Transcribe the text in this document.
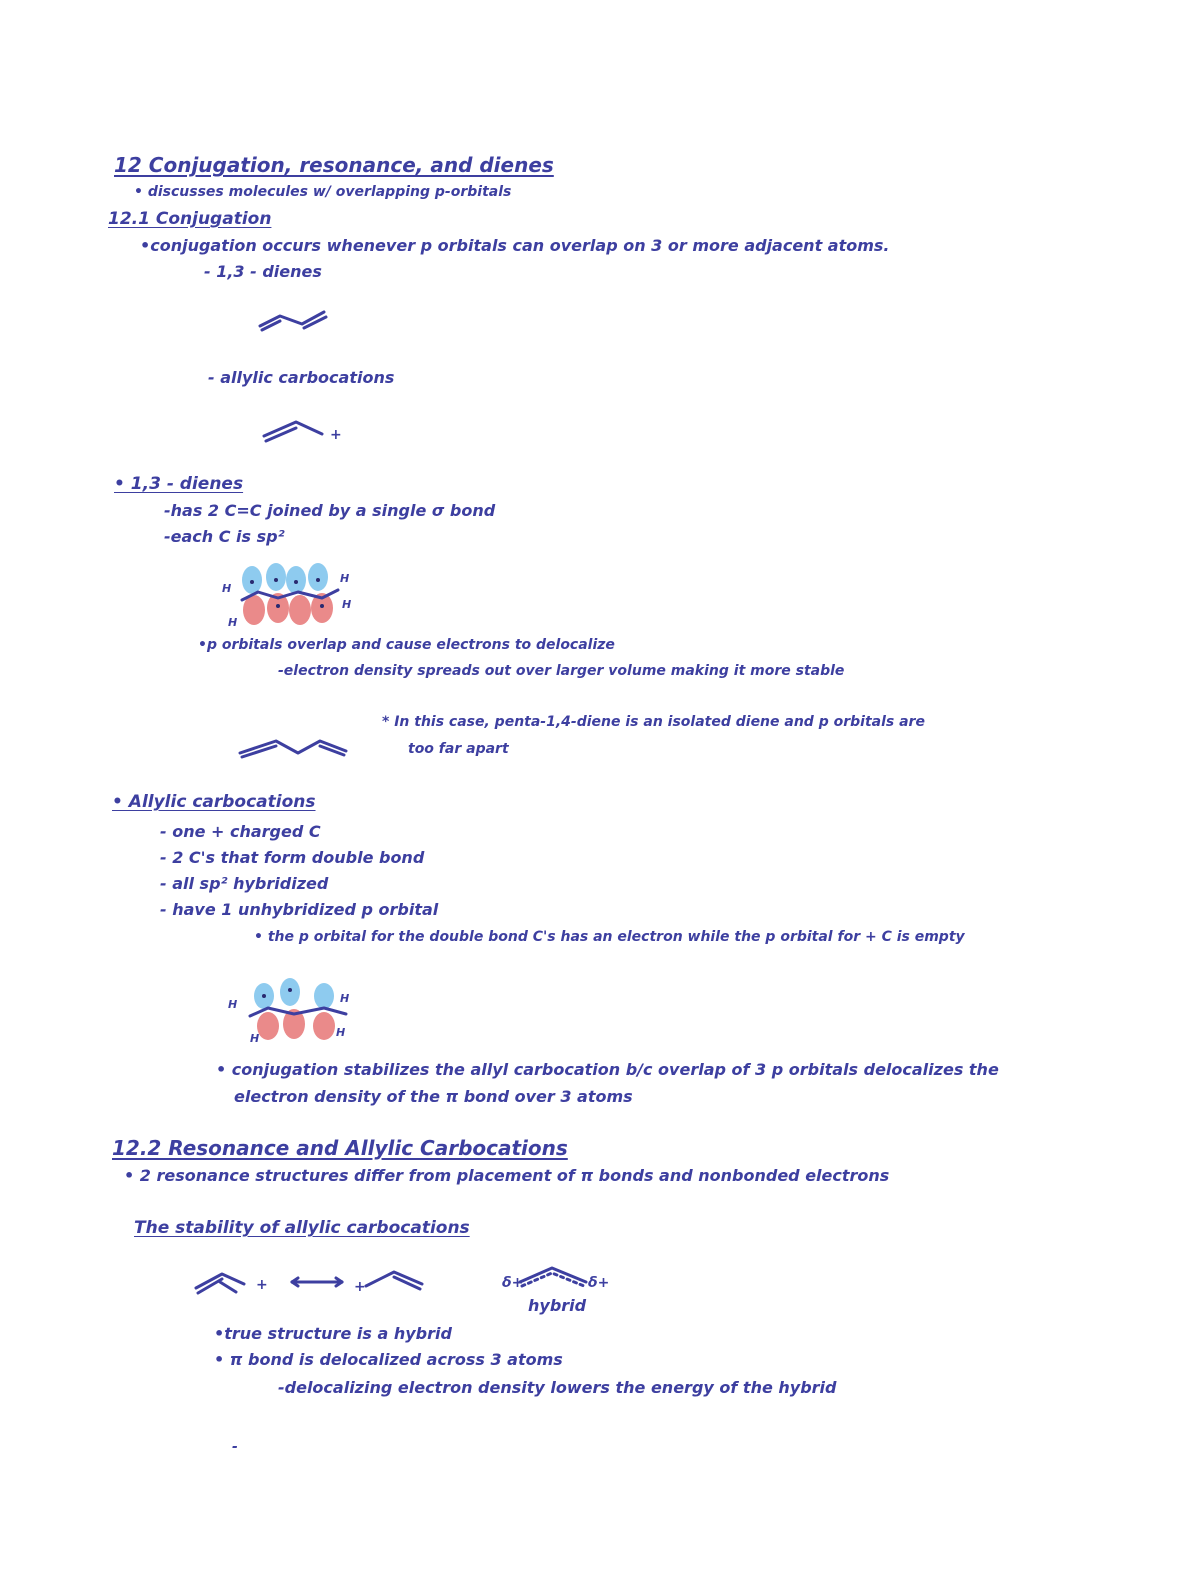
12 Conjugation, resonance, and dienes
• discusses molecules w/ overlapping p-orbitals
12.1 Conjugation
•conjugation occurs whenever p orbitals can overlap on 3 or more adjacent atoms.
- 1,3 - dienes
- allylic carbocations
+
• 1,3 - dienes
-has 2 C=C joined by a single σ bond
-each C is sp²
H
H
H
H
•p orbitals overlap and cause electrons to delocalize
-electron density spreads out over larger volume making it more stable
* In this case, penta-1,4-diene is an isolated diene and p orbitals are
too far apart
• Allylic carbocations
- one + charged C
- 2 C's that form double bond
- all sp² hybridized
- have 1 unhybridized p orbital
• the p orbital for the double bond C's has an electron while the p orbital for + C is empty
H	H
H
H
• conjugation stabilizes the allyl carbocation b/c overlap of 3 p orbitals delocalizes the
electron density of the π bond over 3 atoms
12.2 Resonance and Allylic Carbocations
• 2 resonance structures differ from placement of π bonds and nonbonded electrons
The stability of allylic carbocations
+	+	δ+	δ+
hybrid
•true structure is a hybrid
• π bond is delocalized across 3 atoms
-delocalizing electron density lowers the energy of the hybrid
-
